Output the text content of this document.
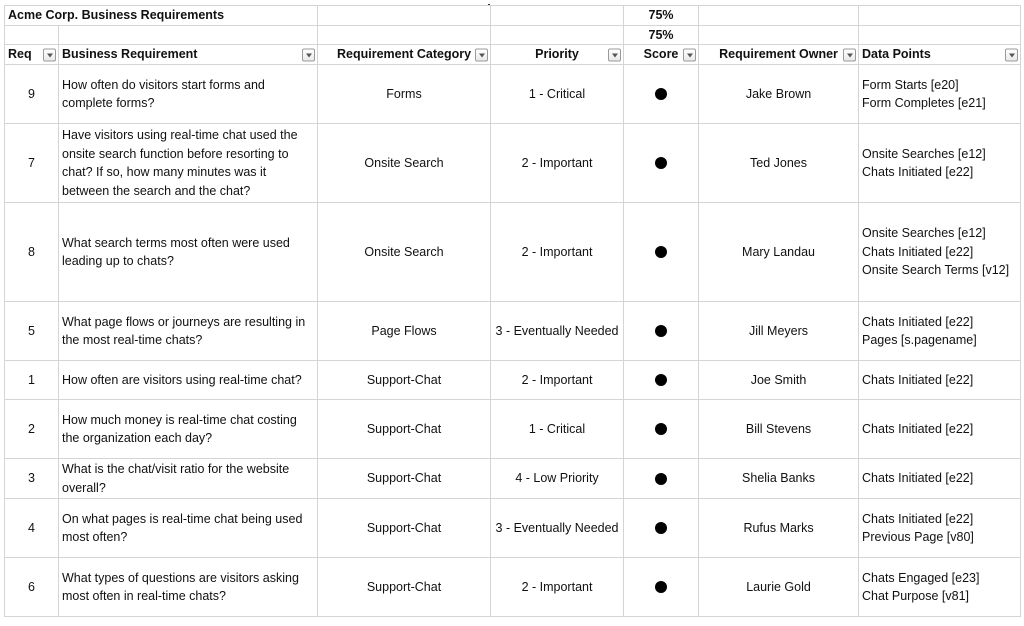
Acme Corp. Business Requirements				75%		
				75%		
Req	Business Requirement	Requirement Category	Priority	Score	Requirement Owner	Data Points

9	How often do visitors start forms and complete forms?	Forms	1 - Critical		Jake Brown	Form Starts [e20]
Form Completes [e21]

7	Have visitors using real-time chat used the onsite search function before resorting to chat? If so, how many minutes was it between the search and the chat?	Onsite Search	2 - Important		Ted Jones	Onsite Searches [e12]
Chats Initiated [e22]

8	What search terms most often were used leading up to chats?	Onsite Search	2 - Important		Mary Landau	Onsite Searches [e12]
Chats Initiated [e22]
Onsite Search Terms [v12]

5	What page flows or journeys are resulting in the most real-time chats?	Page Flows	3 - Eventually Needed		Jill Meyers	Chats Initiated [e22]
Pages [s.pagename]

1	How often are visitors using real-time chat?	Support-Chat	2 - Important		Joe Smith	Chats Initiated [e22]

2	How much money is real-time chat costing the organization each day?	Support-Chat	1 - Critical		Bill Stevens	Chats Initiated [e22]

3	What is the chat/visit ratio for the website overall?	Support-Chat	4 - Low Priority		Shelia Banks	Chats Initiated [e22]

4	On what pages is real-time chat being used most often?	Support-Chat	3 - Eventually Needed		Rufus Marks	Chats Initiated [e22]
Previous Page [v80]

6	What types of questions are visitors asking most often in real-time chats?	Support-Chat	2 - Important		Laurie Gold	Chats Engaged [e23]
Chat Purpose [v81]
